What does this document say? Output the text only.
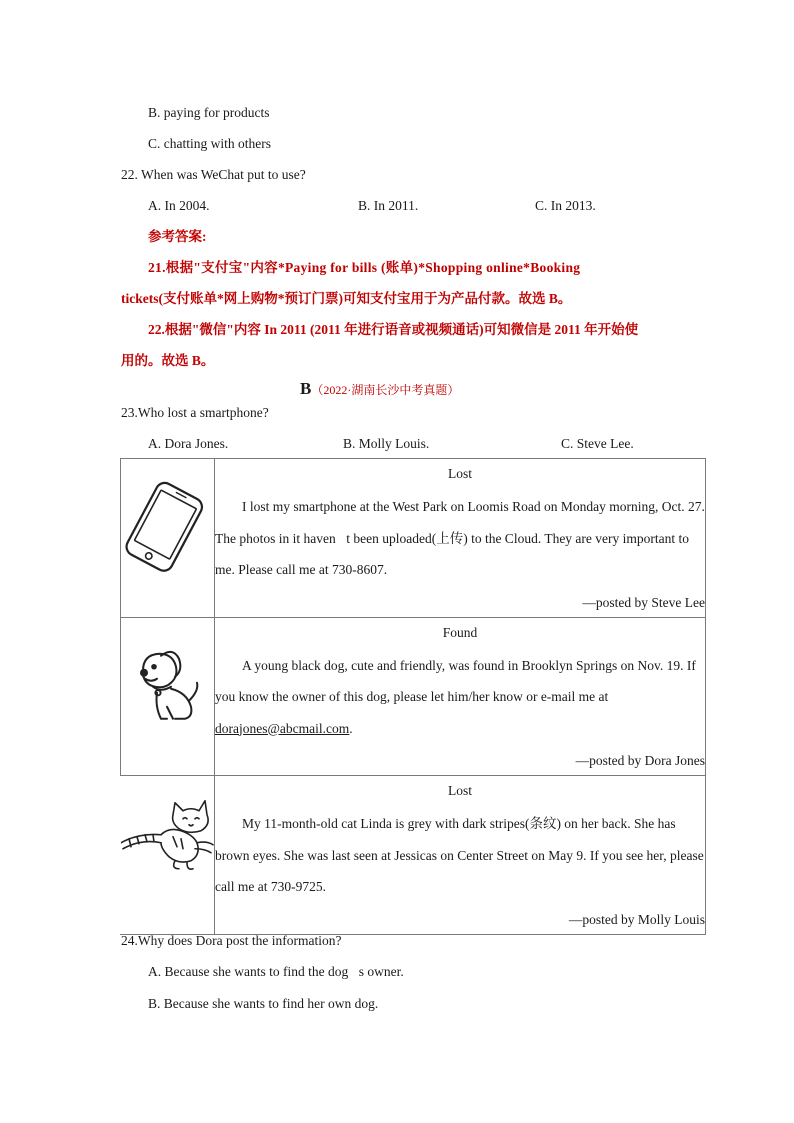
B. paying for products
C. chatting with others
22. When was WeChat put to use?
A. In 2004.	B. In 2011.	C. In 2013.
参考答案:
21.根据"支付宝"内容*Paying for bills (账单)*Shopping online*Booking
tickets(支付账单*网上购物*预订门票)可知支付宝用于为产品付款。故选 B。
22.根据"微信"内容 In 2011 (2011 年进行语音或视频通话)可知微信是 2011 年开始使
用的。故选 B。
B（2022·湖南长沙中考真题）
23.Who lost a smartphone?
A. Dora Jones.	B. Molly Louis.	C. Steve Lee.

Lost
I lost my smartphone at the West Park on Loomis Road on Monday morning, Oct. 27. The photos in it haven t been uploaded(上传) to the Cloud. They are very important to me. Please call me at 730-8607.
—posted by Steve Lee

Found
A young black dog, cute and friendly, was found in Brooklyn Springs on Nov. 19. If you know the owner of this dog, please let him/her know or e-mail me at dorajones@abcmail.com.
—posted by Dora Jones

Lost
My 11-month-old cat Linda is grey with dark stripes(条纹) on her back. She has brown eyes. She was last seen at Jessicas on Center Street on May 9. If you see her, please call me at 730-9725.
—posted by Molly Louis
24.Why does Dora post the information?
A. Because she wants to find the dog s owner.
B. Because she wants to find her own dog.
